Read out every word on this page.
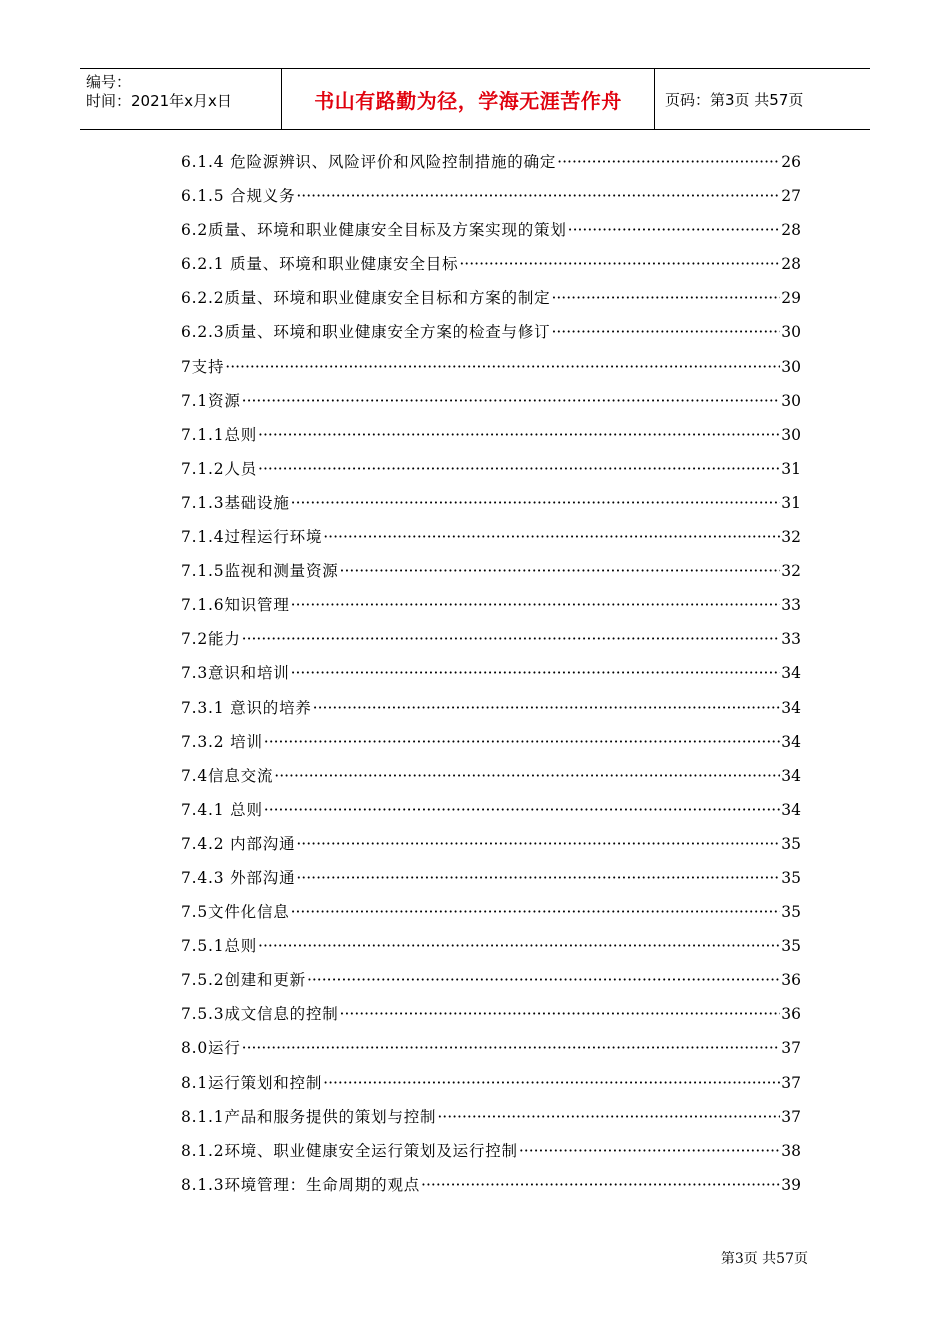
编号：
时间：2021年x月x日	书山有路勤为径，学海无涯苦作舟	页码：第3页 共57页
6.1.4 危险源辨识、风险评价和风险控制措施的确定 ·····	26
6.1.5 合规义务 ·····	27
6.2质量、环境和职业健康安全目标及方案实现的策划 ·····	28
6.2.1 质量、环境和职业健康安全目标 ·····	28
6.2.2质量、环境和职业健康安全目标和方案的制定 ·····	29
6.2.3质量、环境和职业健康安全方案的检查与修订 ·····	30
7支持 ·····	30
7.1资源 ·····	30
7.1.1总则 ·····	30
7.1.2人员 ·····	31
7.1.3基础设施 ·····	31
7.1.4过程运行环境 ·····	32
7.1.5监视和测量资源 ·····	32
7.1.6知识管理 ·····	33
7.2能力 ·····	33
7.3意识和培训 ·····	34
7.3.1 意识的培养 ·····	34
7.3.2 培训 ·····	34
7.4信息交流 ·····	34
7.4.1 总则 ·····	34
7.4.2 内部沟通 ·····	35
7.4.3 外部沟通 ·····	35
7.5文件化信息 ·····	35
7.5.1总则 ·····	35
7.5.2创建和更新 ·····	36
7.5.3成文信息的控制 ·····	36
8.0运行 ·····	37
8.1运行策划和控制 ·····	37
8.1.1产品和服务提供的策划与控制 ·····	37
8.1.2环境、职业健康安全运行策划及运行控制 ·····	38
8.1.3环境管理：生命周期的观点 ·····	39
第3页 共57页
